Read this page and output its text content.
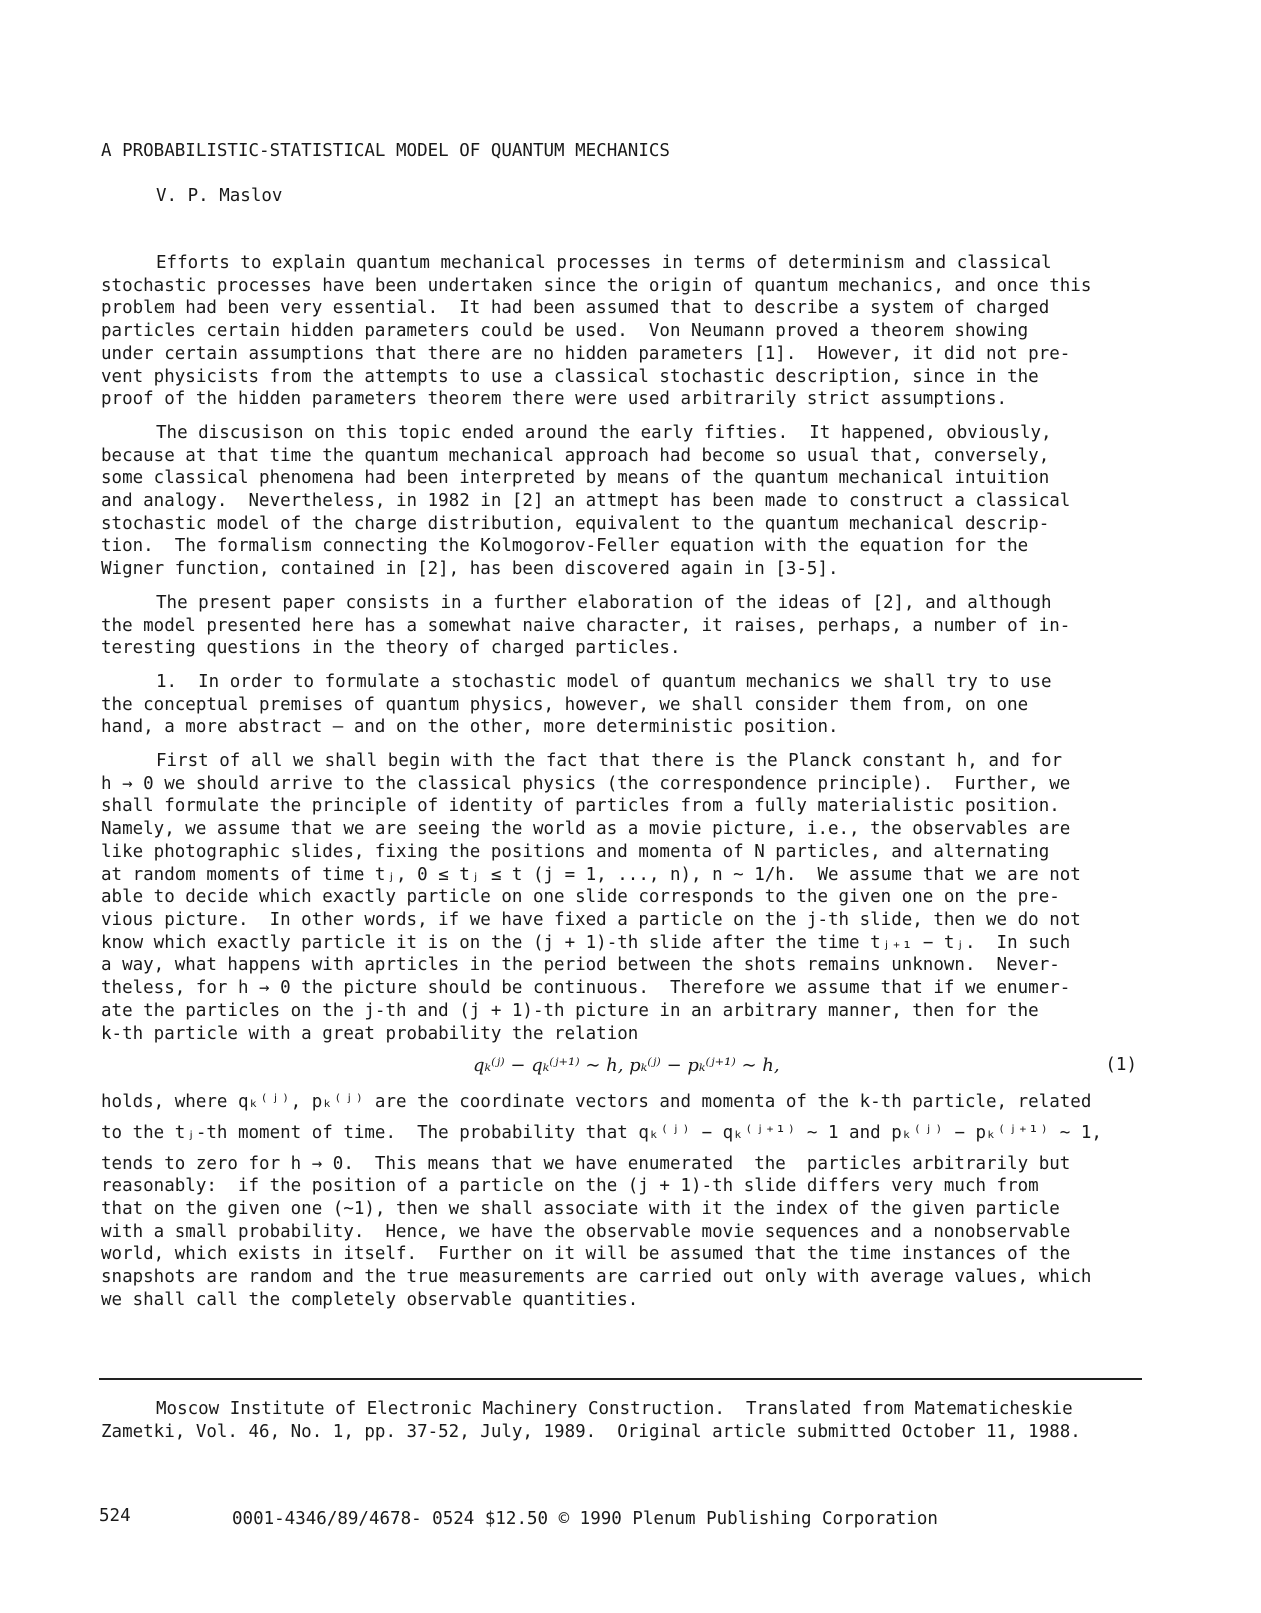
A PROBABILISTIC-STATISTICAL MODEL OF QUANTUM MECHANICS
V. P. Maslov
Efforts to explain quantum mechanical processes in terms of determinism and classical
stochastic processes have been undertaken since the origin of quantum mechanics, and once this
problem had been very essential.  It had been assumed that to describe a system of charged
particles certain hidden parameters could be used.  Von Neumann proved a theorem showing
under certain assumptions that there are no hidden parameters [1].  However, it did not pre-
vent physicists from the attempts to use a classical stochastic description, since in the
proof of the hidden parameters theorem there were used arbitrarily strict assumptions.
The discusison on this topic ended around the early fifties.  It happened, obviously,
because at that time the quantum mechanical approach had become so usual that, conversely,
some classical phenomena had been interpreted by means of the quantum mechanical intuition
and analogy.  Nevertheless, in 1982 in [2] an attmept has been made to construct a classical
stochastic model of the charge distribution, equivalent to the quantum mechanical descrip-
tion.  The formalism connecting the Kolmogorov-Feller equation with the equation for the
Wigner function, contained in [2], has been discovered again in [3-5].
The present paper consists in a further elaboration of the ideas of [2], and although
the model presented here has a somewhat naive character, it raises, perhaps, a number of in-
teresting questions in the theory of charged particles.
1.  In order to formulate a stochastic model of quantum mechanics we shall try to use
the conceptual premises of quantum physics, however, we shall consider them from, on one
hand, a more abstract — and on the other, more deterministic position.
First of all we shall begin with the fact that there is the Planck constant h, and for
h → 0 we should arrive to the classical physics (the correspondence principle).  Further, we
shall formulate the principle of identity of particles from a fully materialistic position.
Namely, we assume that we are seeing the world as a movie picture, i.e., the observables are
like photographic slides, fixing the positions and momenta of N particles, and alternating
at random moments of time tⱼ, 0 ≤ tⱼ ≤ t (j = 1, ..., n), n ~ 1/h.  We assume that we are not
able to decide which exactly particle on one slide corresponds to the given one on the pre-
vious picture.  In other words, if we have fixed a particle on the j-th slide, then we do not
know which exactly particle it is on the (j + 1)-th slide after the time tⱼ₊₁ − tⱼ.  In such
a way, what happens with aprticles in the period between the shots remains unknown.  Never-
theless, for h → 0 the picture should be continuous.  Therefore we assume that if we enumer-
ate the particles on the j-th and (j + 1)-th picture in an arbitrary manner, then for the
k-th particle with a great probability the relation
qₖ⁽ʲ⁾ − qₖ⁽ʲ⁺¹⁾ ∼ h, pₖ⁽ʲ⁾ − pₖ⁽ʲ⁺¹⁾ ∼ h,	(1)
holds, where qₖ⁽ʲ⁾, pₖ⁽ʲ⁾ are the coordinate vectors and momenta of the k-th particle, related
to the tⱼ-th moment of time.  The probability that qₖ⁽ʲ⁾ − qₖ⁽ʲ⁺¹⁾ ~ 1 and pₖ⁽ʲ⁾ − pₖ⁽ʲ⁺¹⁾ ~ 1,
tends to zero for h → 0.  This means that we have enumerated  the  particles arbitrarily but
reasonably:  if the position of a particle on the (j + 1)-th slide differs very much from
that on the given one (~1), then we shall associate with it the index of the given particle
with a small probability.  Hence, we have the observable movie sequences and a nonobservable
world, which exists in itself.  Further on it will be assumed that the time instances of the
snapshots are random and the true measurements are carried out only with average values, which
we shall call the completely observable quantities.
Moscow Institute of Electronic Machinery Construction.  Translated from Matematicheskie
Zametki, Vol. 46, No. 1, pp. 37-52, July, 1989.  Original article submitted October 11, 1988.
524	0001-4346/89/4678- 0524 $12.50 © 1990 Plenum Publishing Corporation
